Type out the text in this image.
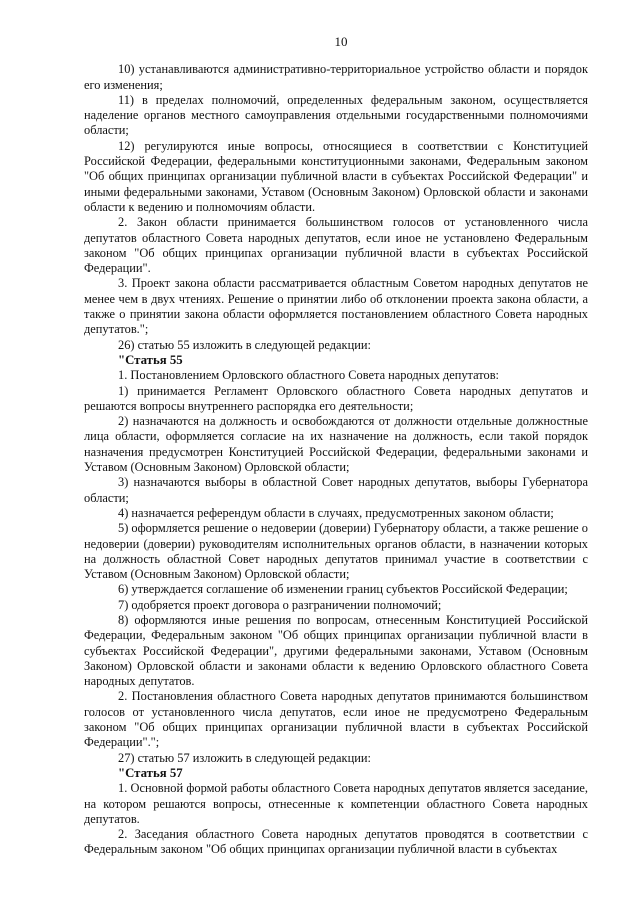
10

10) устанавливаются административно-территориальное устройство области и порядок его изменения;

11) в пределах полномочий, определенных федеральным законом, осуществляется наделение органов местного самоуправления отдельными государственными полномочиями области;

12) регулируются иные вопросы, относящиеся в соответствии с Конституцией Российской Федерации, федеральными конституционными законами, Федеральным законом "Об общих принципах организации публичной власти в субъектах Российской Федерации" и иными федеральными законами, Уставом (Основным Законом) Орловской области и законами области к ведению и полномочиям области.

2. Закон области принимается большинством голосов от установленного числа депутатов областного Совета народных депутатов, если иное не установлено Федеральным законом "Об общих принципах организации публичной власти в субъектах Российской Федерации".

3. Проект закона области рассматривается областным Советом народных депутатов не менее чем в двух чтениях. Решение о принятии либо об отклонении проекта закона области, а также о принятии закона области оформляется постановлением областного Совета народных депутатов.";

26) статью 55 изложить в следующей редакции:

"Статья 55

1. Постановлением Орловского областного Совета народных депутатов:

1) принимается Регламент Орловского областного Совета народных депутатов и решаются вопросы внутреннего распорядка его деятельности;

2) назначаются на должность и освобождаются от должности отдельные должностные лица области, оформляется согласие на их назначение на должность, если такой порядок назначения предусмотрен Конституцией Российской Федерации, федеральными законами и Уставом (Основным Законом) Орловской области;

3) назначаются выборы в областной Совет народных депутатов, выборы Губернатора области;

4) назначается референдум области в случаях, предусмотренных законом области;

5) оформляется решение о недоверии (доверии) Губернатору области, а также решение о недоверии (доверии) руководителям исполнительных органов области, в назначении которых на должность областной Совет народных депутатов принимал участие в соответствии с Уставом (Основным Законом) Орловской области;

6) утверждается соглашение об изменении границ субъектов Российской Федерации;

7) одобряется проект договора о разграничении полномочий;

8) оформляются иные решения по вопросам, отнесенным Конституцией Российской Федерации, Федеральным законом "Об общих принципах организации публичной власти в субъектах Российской Федерации", другими федеральными законами, Уставом (Основным Законом) Орловской области и законами области к ведению Орловского областного Совета народных депутатов.

2. Постановления областного Совета народных депутатов принимаются большинством голосов от установленного числа депутатов, если иное не предусмотрено Федеральным законом "Об общих принципах организации публичной власти в субъектах Российской Федерации".";

27) статью 57 изложить в следующей редакции:

"Статья 57

1. Основной формой работы областного Совета народных депутатов является заседание, на котором решаются вопросы, отнесенные к компетенции областного Совета народных депутатов.

2. Заседания областного Совета народных депутатов проводятся в соответствии с Федеральным законом "Об общих принципах организации публичной власти в субъектах
